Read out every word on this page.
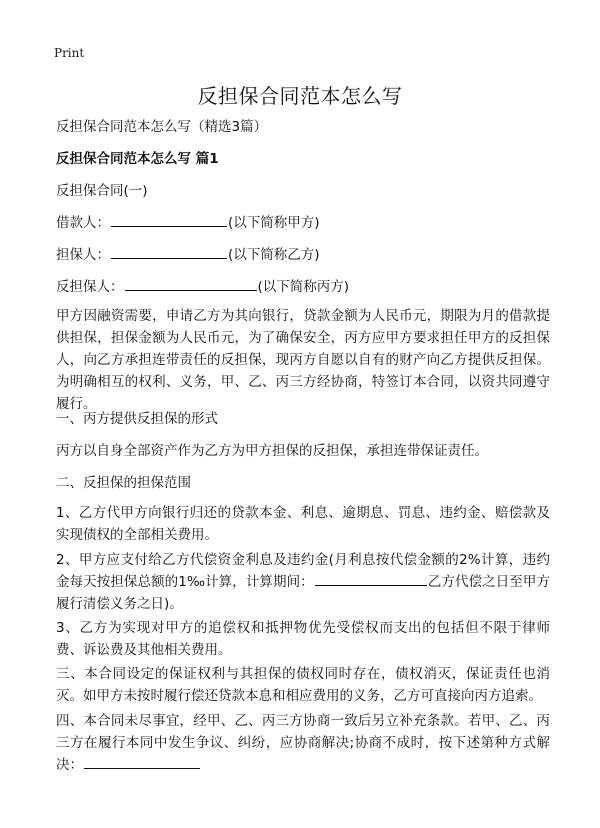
Print
反担保合同范本怎么写

反担保合同范本怎么写（精选3篇）

反担保合同范本怎么写 篇1

反担保合同(一)

借款人：	(以下简称甲方)

担保人：	(以下简称乙方)

反担保人：	(以下简称丙方)

甲方因融资需要，申请乙方为其向银行，贷款金额为人民币元，期限为月的借款提供担保，担保金额为人民币元，为了确保安全，丙方应甲方要求担任甲方的反担保人，向乙方承担连带责任的反担保，现丙方自愿以自有的财产向乙方提供反担保。为明确相互的权利、义务，甲、乙、丙三方经协商，特签订本合同，以资共同遵守履行。

一、丙方提供反担保的形式

丙方以自身全部资产作为乙方为甲方担保的反担保，承担连带保证责任。

二、反担保的担保范围

1、乙方代甲方向银行归还的贷款本金、利息、逾期息、罚息、违约金、赔偿款及实现债权的全部相关费用。

2、甲方应支付给乙方代偿资金利息及违约金(月利息按代偿金额的2%计算，违约金每天按担保总额的1‰计算，计算期间：	乙方代偿之日至甲方履行清偿义务之日)。

3、乙方为实现对甲方的追偿权和抵押物优先受偿权而支出的包括但不限于律师费、诉讼费及其他相关费用。

三、本合同设定的保证权利与其担保的债权同时存在，债权消灭，保证责任也消灭。如甲方未按时履行偿还贷款本息和相应费用的义务，乙方可直接向丙方追索。

四、本合同未尽事宜，经甲、乙、丙三方协商一致后另立补充条款。若甲、乙、丙三方在履行本同中发生争议、纠纷，应协商解决;协商不成时，按下述第种方式解决：
